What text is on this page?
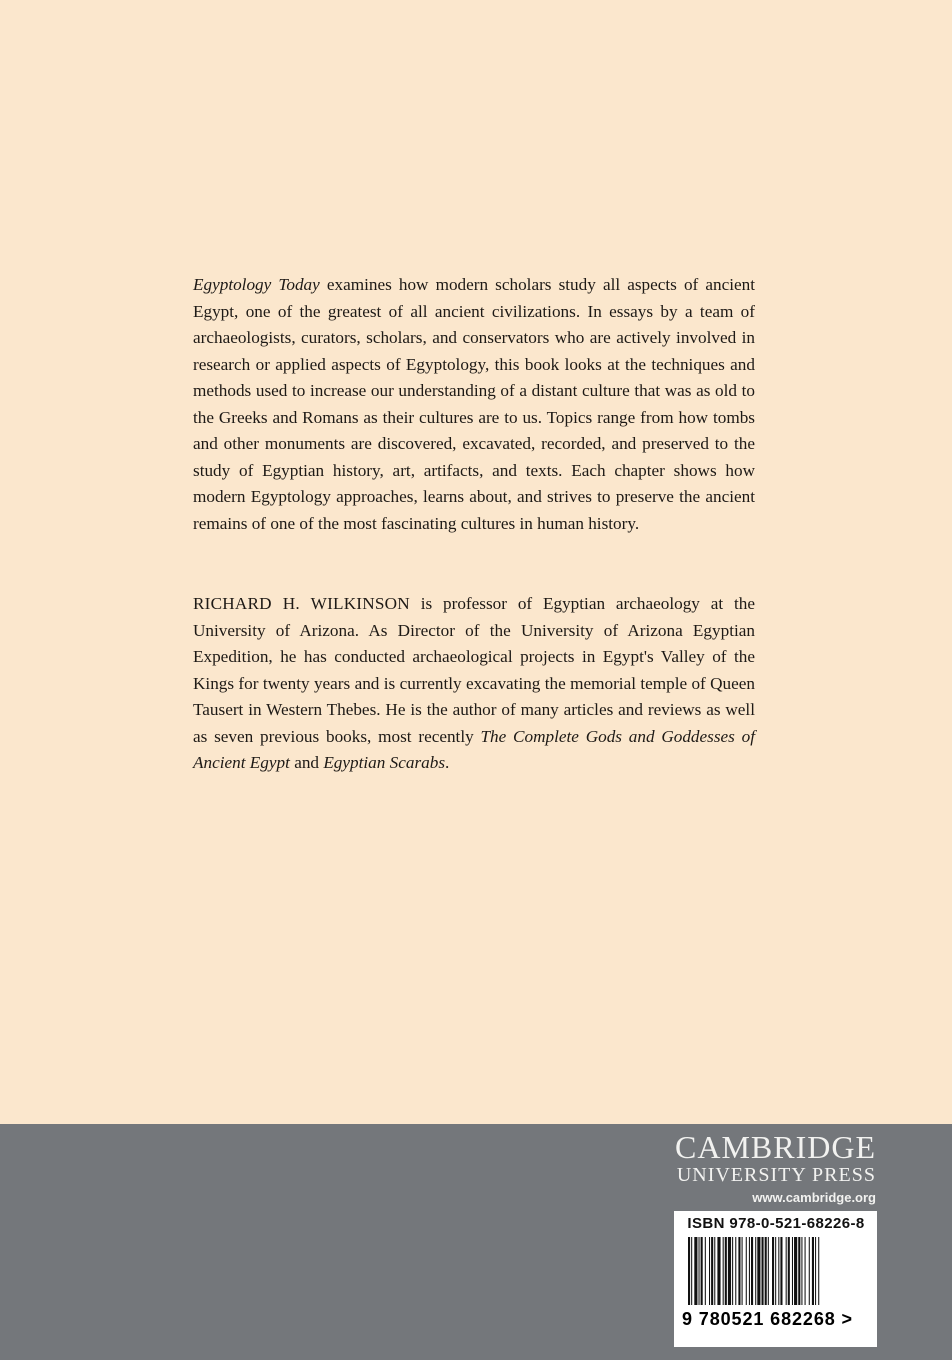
Egyptology Today examines how modern scholars study all aspects of ancient Egypt, one of the greatest of all ancient civilizations. In essays by a team of archaeologists, curators, scholars, and conservators who are actively involved in research or applied aspects of Egyptology, this book looks at the techniques and methods used to increase our understanding of a distant culture that was as old to the Greeks and Romans as their cultures are to us. Topics range from how tombs and other monuments are discovered, excavated, recorded, and preserved to the study of Egyptian history, art, artifacts, and texts. Each chapter shows how modern Egyptology approaches, learns about, and strives to preserve the ancient remains of one of the most fascinating cultures in human history.

RICHARD H. WILKINSON is professor of Egyptian archaeology at the University of Arizona. As Director of the University of Arizona Egyptian Expedition, he has conducted archaeological projects in Egypt's Valley of the Kings for twenty years and is currently excavating the memorial temple of Queen Tausert in Western Thebes. He is the author of many articles and reviews as well as seven previous books, most recently The Complete Gods and Goddesses of Ancient Egypt and Egyptian Scarabs.

CAMBRIDGE
UNIVERSITY PRESS
www.cambridge.org
ISBN 978-0-521-68226-8
9 780521 682268 >
